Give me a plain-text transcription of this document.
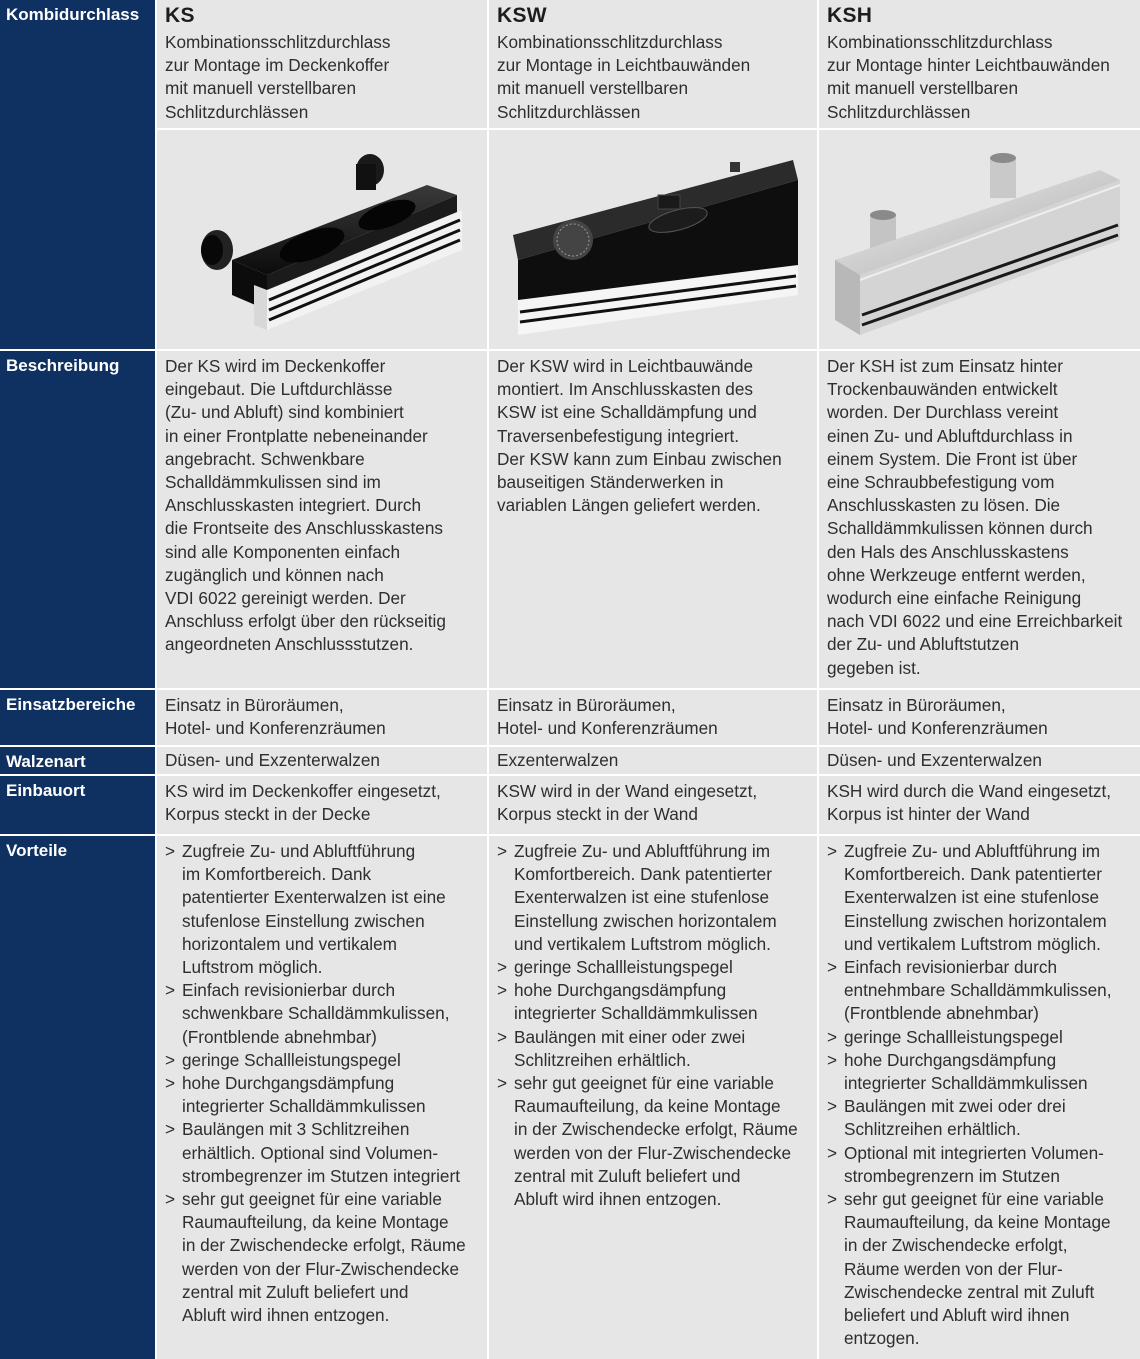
Kombidurchlass	KS
Kombinationsschlitzdurchlass
zur Montage im Deckenkoffer
mit manuell verstellbaren
Schlitzdurchlässen
KSW
Kombinationsschlitzdurchlass
zur Montage in Leichtbauwänden
mit manuell verstellbaren
Schlitzdurchlässen
KSH
Kombinationsschlitzdurchlass
zur Montage hinter Leichtbauwänden
mit manuell verstellbaren
Schlitzdurchlässen
Beschreibung	Der KS wird im Deckenkoffer
eingebaut. Die Luftdurchlässe
(Zu- und Abluft) sind kombiniert
in einer Frontplatte nebeneinander
angebracht. Schwenkbare
Schalldämmkulissen sind im
Anschlusskasten integriert. Durch
die Frontseite des Anschlusskastens
sind alle Komponenten einfach
zugänglich und können nach
VDI 6022 gereinigt werden. Der
Anschluss erfolgt über den rückseitig
angeordneten Anschlussstutzen.
Der KSW wird in Leichtbauwände
montiert. Im Anschlusskasten des
KSW ist eine Schalldämpfung und
Traversenbefestigung integriert.
Der KSW kann zum Einbau zwischen
bauseitigen Ständerwerken in
variablen Längen geliefert werden.
Der KSH ist zum Einsatz hinter
Trockenbauwänden entwickelt
worden. Der Durchlass vereint
einen Zu- und Abluftdurchlass in
einem System. Die Front ist über
eine Schraubbefestigung vom
Anschlusskasten zu lösen. Die
Schalldämmkulissen können durch
den Hals des Anschlusskastens
ohne Werkzeuge entfernt werden,
wodurch eine einfache Reinigung
nach VDI 6022 und eine Erreichbarkeit
der Zu- und Abluftstutzen
gegeben ist.
Einsatzbereiche	Einsatz in Büroräumen,
Hotel- und Konferenzräumen
Einsatz in Büroräumen,
Hotel- und Konferenzräumen
Einsatz in Büroräumen,
Hotel- und Konferenzräumen
Walzenart	Düsen- und Exzenterwalzen	Exzenterwalzen	Düsen- und Exzenterwalzen
Einbauort	KS wird im Deckenkoffer eingesetzt,
Korpus steckt in der Decke
KSW wird in der Wand eingesetzt,
Korpus steckt in der Wand
KSH wird durch die Wand eingesetzt,
Korpus ist hinter der Wand
Vorteile
>	Zugfreie Zu- und Abluftführung
im Komfortbereich. Dank
patentierter Exenterwalzen ist eine
stufenlose Einstellung zwischen
horizontalem und vertikalem
Luftstrom möglich.
> Einfach revisionierbar durch
schwenkbare Schalldämmkulissen,
(Frontblende abnehmbar)
> geringe Schallleistungspegel
> hohe Durchgangsdämpfung
integrierter Schalldämmkulissen
> Baulängen mit 3 Schlitzreihen
erhältlich. Optional sind Volumen-
strombegrenzer im Stutzen integriert
> sehr gut geeignet für eine variable
Raumaufteilung, da keine Montage
in der Zwischendecke erfolgt, Räume
werden von der Flur-Zwischendecke
zentral mit Zuluft beliefert und
Abluft wird ihnen entzogen.
> Zugfreie Zu- und Abluftführung im
Komfortbereich. Dank patentierter
Exenterwalzen ist eine stufenlose
Einstellung zwischen horizontalem
und vertikalem Luftstrom möglich.
> geringe Schallleistungspegel
> hohe Durchgangsdämpfung
integrierter Schalldämmkulissen
> Baulängen mit einer oder zwei
Schlitzreihen erhältlich.
> sehr gut geeignet für eine variable
Raumaufteilung, da keine Montage
in der Zwischendecke erfolgt, Räume
werden von der Flur-Zwischendecke
zentral mit Zuluft beliefert und
Abluft wird ihnen entzogen.
> Zugfreie Zu- und Abluftführung im
Komfortbereich. Dank patentierter
Exenterwalzen ist eine stufenlose
Einstellung zwischen horizontalem
und vertikalem Luftstrom möglich.
> Einfach revisionierbar durch
entnehmbare Schalldämmkulissen,
(Frontblende abnehmbar)
> geringe Schallleistungspegel
> hohe Durchgangsdämpfung
integrierter Schalldämmkulissen
> Baulängen mit zwei oder drei
Schlitzreihen erhältlich.
> Optional mit integrierten Volumen-
strombegrenzern im Stutzen
> sehr gut geeignet für eine variable
Raumaufteilung, da keine Montage
in der Zwischendecke erfolgt,
Räume werden von der Flur-
Zwischendecke zentral mit Zuluft
beliefert und Abluft wird ihnen
entzogen.
